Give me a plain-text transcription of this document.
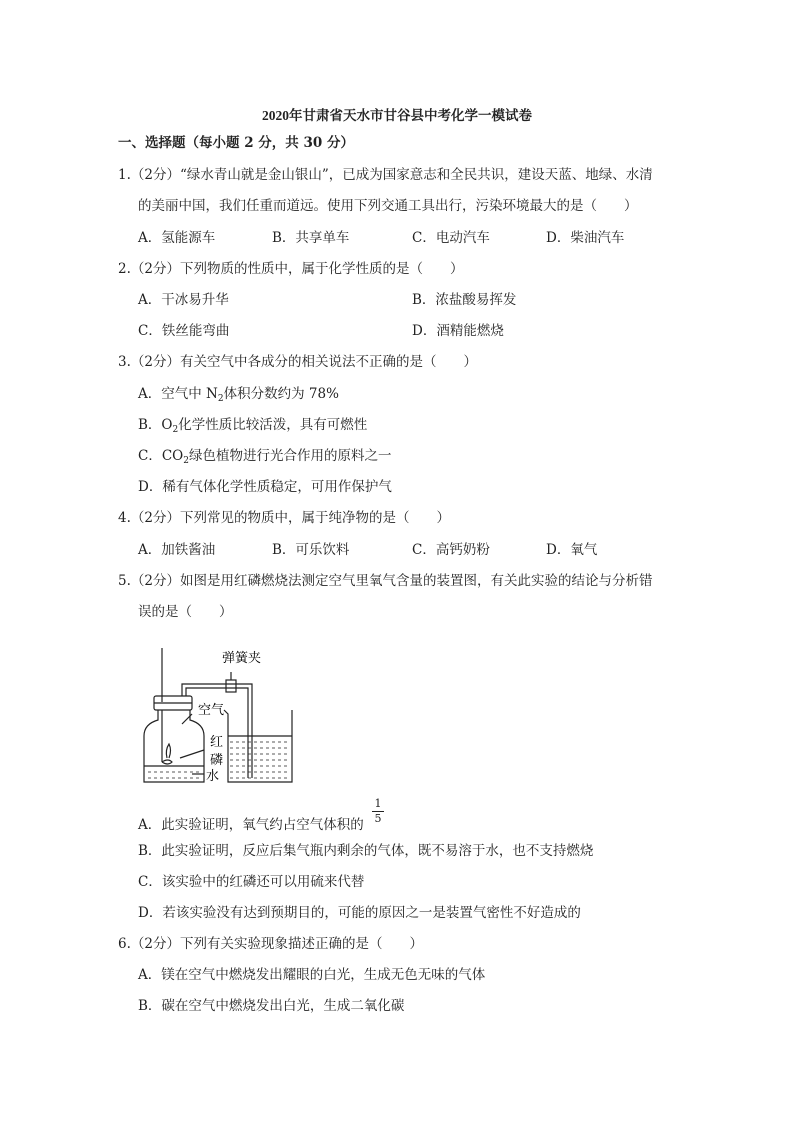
2020年甘肃省天水市甘谷县中考化学一模试卷
一、选择题（每小题 2 分，共 30 分）
1.（2分）“绿水青山就是金山银山”，已成为国家意志和全民共识，建设天蓝、地绿、水清
的美丽中国，我们任重而道远。使用下列交通工具出行，污染环境最大的是（　　）
A．氢能源车	B．共享单车	C．电动汽车	D．柴油汽车
2.（2分）下列物质的性质中，属于化学性质的是（　　）
A．干冰易升华	B．浓盐酸易挥发
C．铁丝能弯曲	D．酒精能燃烧
3.（2分）有关空气中各成分的相关说法不正确的是（　　）
A．空气中 $N_2$体积分数约为 78%
B．$O_2$化学性质比较活泼，具有可燃性
C．$CO_2$绿色植物进行光合作用的原料之一
D．稀有气体化学性质稳定，可用作保护气
4.（2分）下列常见的物质中，属于纯净物的是（　　）
A．加铁酱油	B．可乐饮料	C．高钙奶粉	D．氧气
5.（2分）如图是用红磷燃烧法测定空气里氧气含量的装置图，有关此实验的结论与分析错
误的是（　　）
弹簧夹
空气
红
磷
水
A．此实验证明，氧气约占空气体积的
1
5
B．此实验证明，反应后集气瓶内剩余的气体，既不易溶于水，也不支持燃烧
C．该实验中的红磷还可以用硫来代替
D．若该实验没有达到预期目的，可能的原因之一是装置气密性不好造成的
6.（2分）下列有关实验现象描述正确的是（　　）
A．镁在空气中燃烧发出耀眼的白光，生成无色无味的气体
B．碳在空气中燃烧发出白光，生成二氧化碳
